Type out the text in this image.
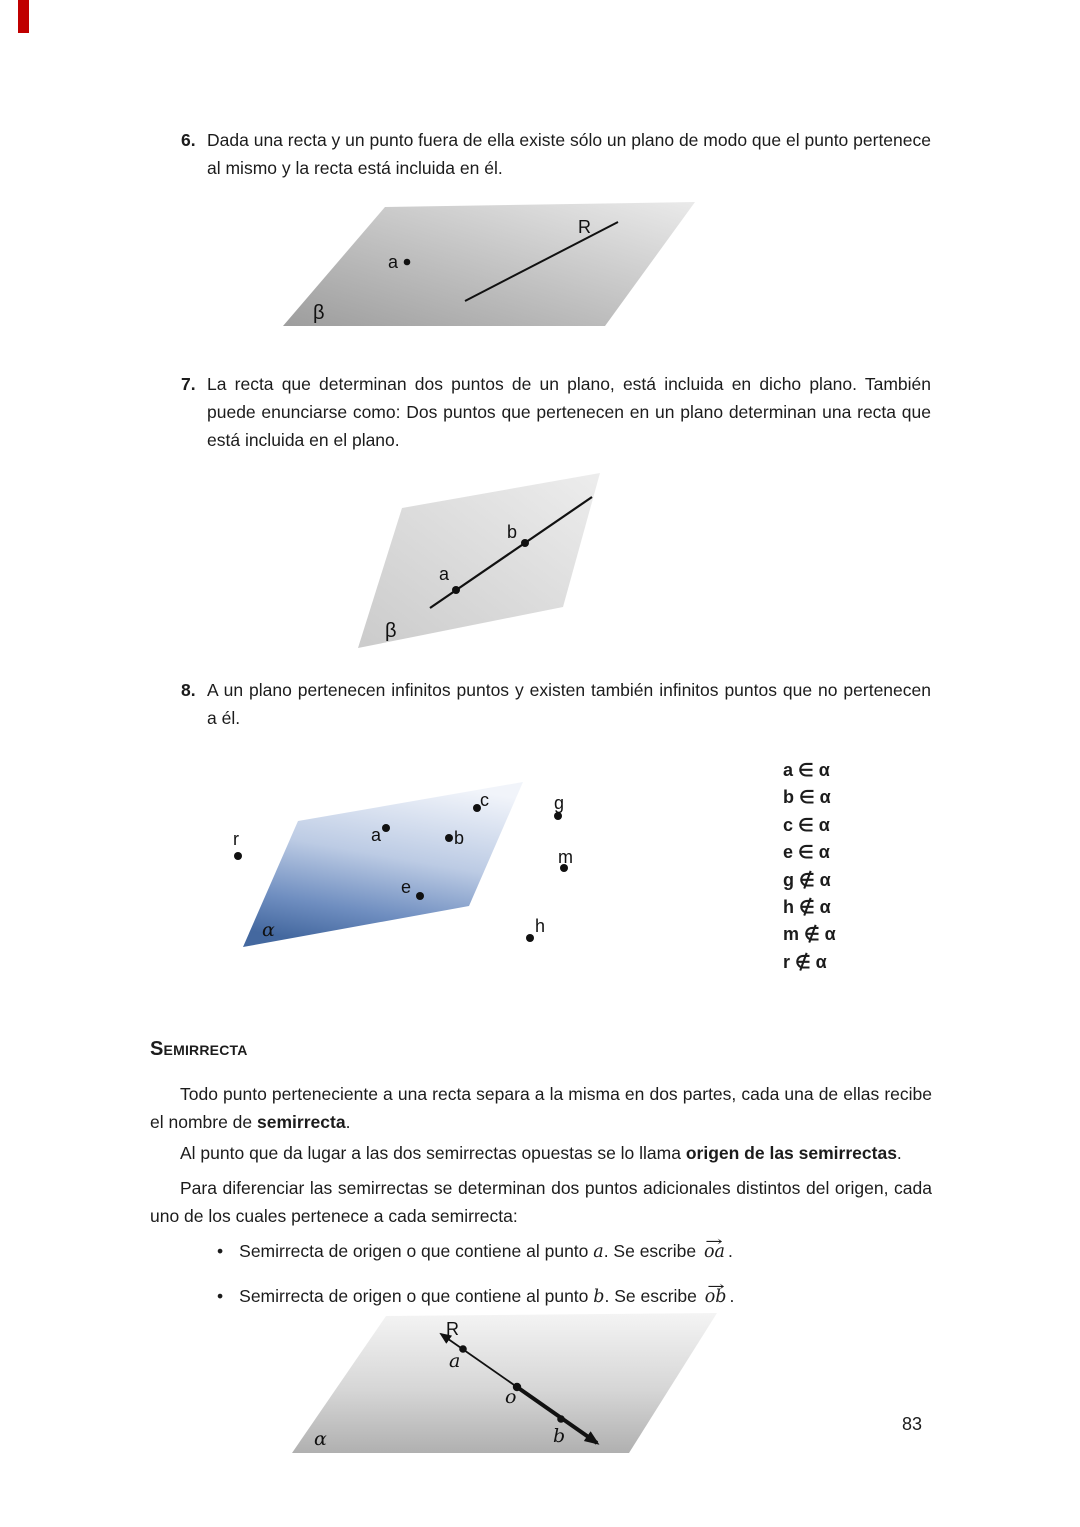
6. Dada una recta y un punto fuera de ella existe sólo un plano de modo que el punto pertenece al mismo y la recta está incluida en él.
R
a
β
7. La recta que determinan dos puntos de un plano, está incluida en dicho plano. También puede enunciarse como: Dos puntos que pertenecen en un plano determinan una recta que está incluida en el plano.
a
b
β
8. A un plano pertenecen infinitos puntos y existen también infinitos puntos que no pertenecen a él.
r	a
c
b
e
g
m
h
α
a ∈ α
b ∈ α
c ∈ α
e ∈ α
g ∉ α
h ∉ α
m ∉ α
r ∉ α
Semirrecta
Todo punto perteneciente a una recta separa a la misma en dos partes, cada una de ellas recibe el nombre de semirrecta.
Al punto que da lugar a las dos semirrectas opuestas se lo llama origen de las semirrectas.
Para diferenciar las semirrectas se determinan dos puntos adicionales distintos del origen, cada uno de los cuales pertenece a cada semirrecta:
• Semirrecta de origen o que contiene al punto a. Se escribe → oa .
• Semirrecta de origen o que contiene al punto b. Se escribe → ob .
R
a
o
b
α
83
